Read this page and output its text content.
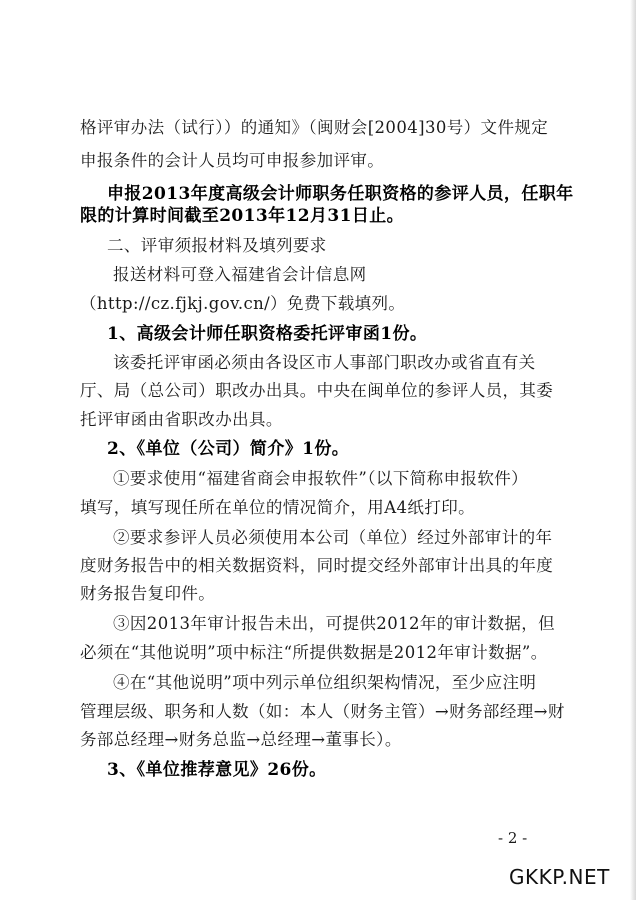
格评审办法（试行））的通知》（闽财会[2004]30号）文件规定
申报条件的会计人员均可申报参加评审。
申报2013年度高级会计师职务任职资格的参评人员，任职年
限的计算时间截至2013年12月31日止。
二、评审须报材料及填列要求
报送材料可登入福建省会计信息网
（http://cz.fjkj.gov.cn/）免费下载填列。
1、高级会计师任职资格委托评审函1份。
该委托评审函必须由各设区市人事部门职改办或省直有关
厅、局（总公司）职改办出具。中央在闽单位的参评人员，其委
托评审函由省职改办出具。
2、《单位（公司）简介》1份。
①要求使用“福建省商会申报软件”（以下简称申报软件）
填写，填写现任所在单位的情况简介，用A4纸打印。
②要求参评人员必须使用本公司（单位）经过外部审计的年
度财务报告中的相关数据资料，同时提交经外部审计出具的年度
财务报告复印件。
③因2013年审计报告未出，可提供2012年的审计数据，但
必须在“其他说明”项中标注“所提供数据是2012年审计数据”。
④在“其他说明”项中列示单位组织架构情况，至少应注明
管理层级、职务和人数（如：本人（财务主管）→财务部经理→财
务部总经理→财务总监→总经理→董事长）。
3、《单位推荐意见》26份。
- 2 -
GKKP.NET
